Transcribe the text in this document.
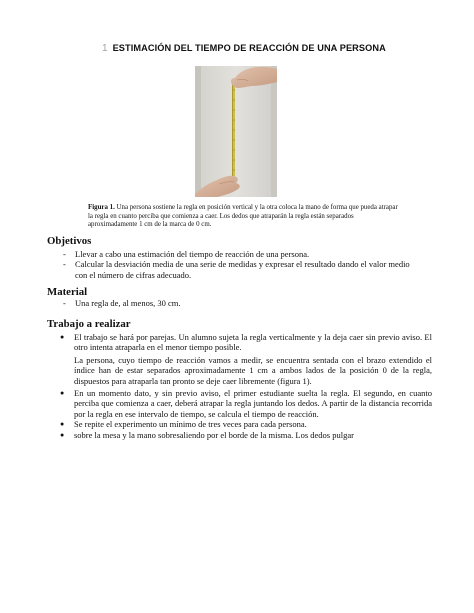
1 ESTIMACIÓN DEL TIEMPO DE REACCIÓN DE UNA PERSONA
Figura 1. Una persona sostiene la regla en posición vertical y la otra coloca la mano de forma que pueda atrapar la regla en cuanto perciba que comienza a caer. Los dedos que atraparán la regla están separados aproximadamente 1 cm de la marca de 0 cm.
Objetivos
-	Llevar a cabo una estimación del tiempo de reacción de una persona.
-	Calcular la desviación media de una serie de medidas y expresar el resultado dando el valor medio con el número de cifras adecuado.
Material
-	Una regla de, al menos, 30 cm.
Trabajo a realizar
●	El trabajo se hará por parejas. Un alumno sujeta la regla verticalmente y la deja caer sin previo aviso. El otro intenta atraparla en el menor tiempo posible.
La persona, cuyo tiempo de reacción vamos a medir, se encuentra sentada con el brazo extendido el índice han de estar separados aproximadamente 1 cm a ambos lados de la posición 0 de la regla, dispuestos para atraparla tan pronto se deje caer libremente (figura 1).
●	En un momento dato, y sin previo aviso, el primer estudiante suelta la regla. El segundo, en cuanto perciba que comienza a caer, deberá atrapar la regla juntando los dedos. A partir de la distancia recorrida por la regla en ese intervalo de tiempo, se calcula el tiempo de reacción.
●	Se repite el experimento un mínimo de tres veces para cada persona.
●	sobre la mesa y la mano sobresaliendo por el borde de la misma. Los dedos pulgar
